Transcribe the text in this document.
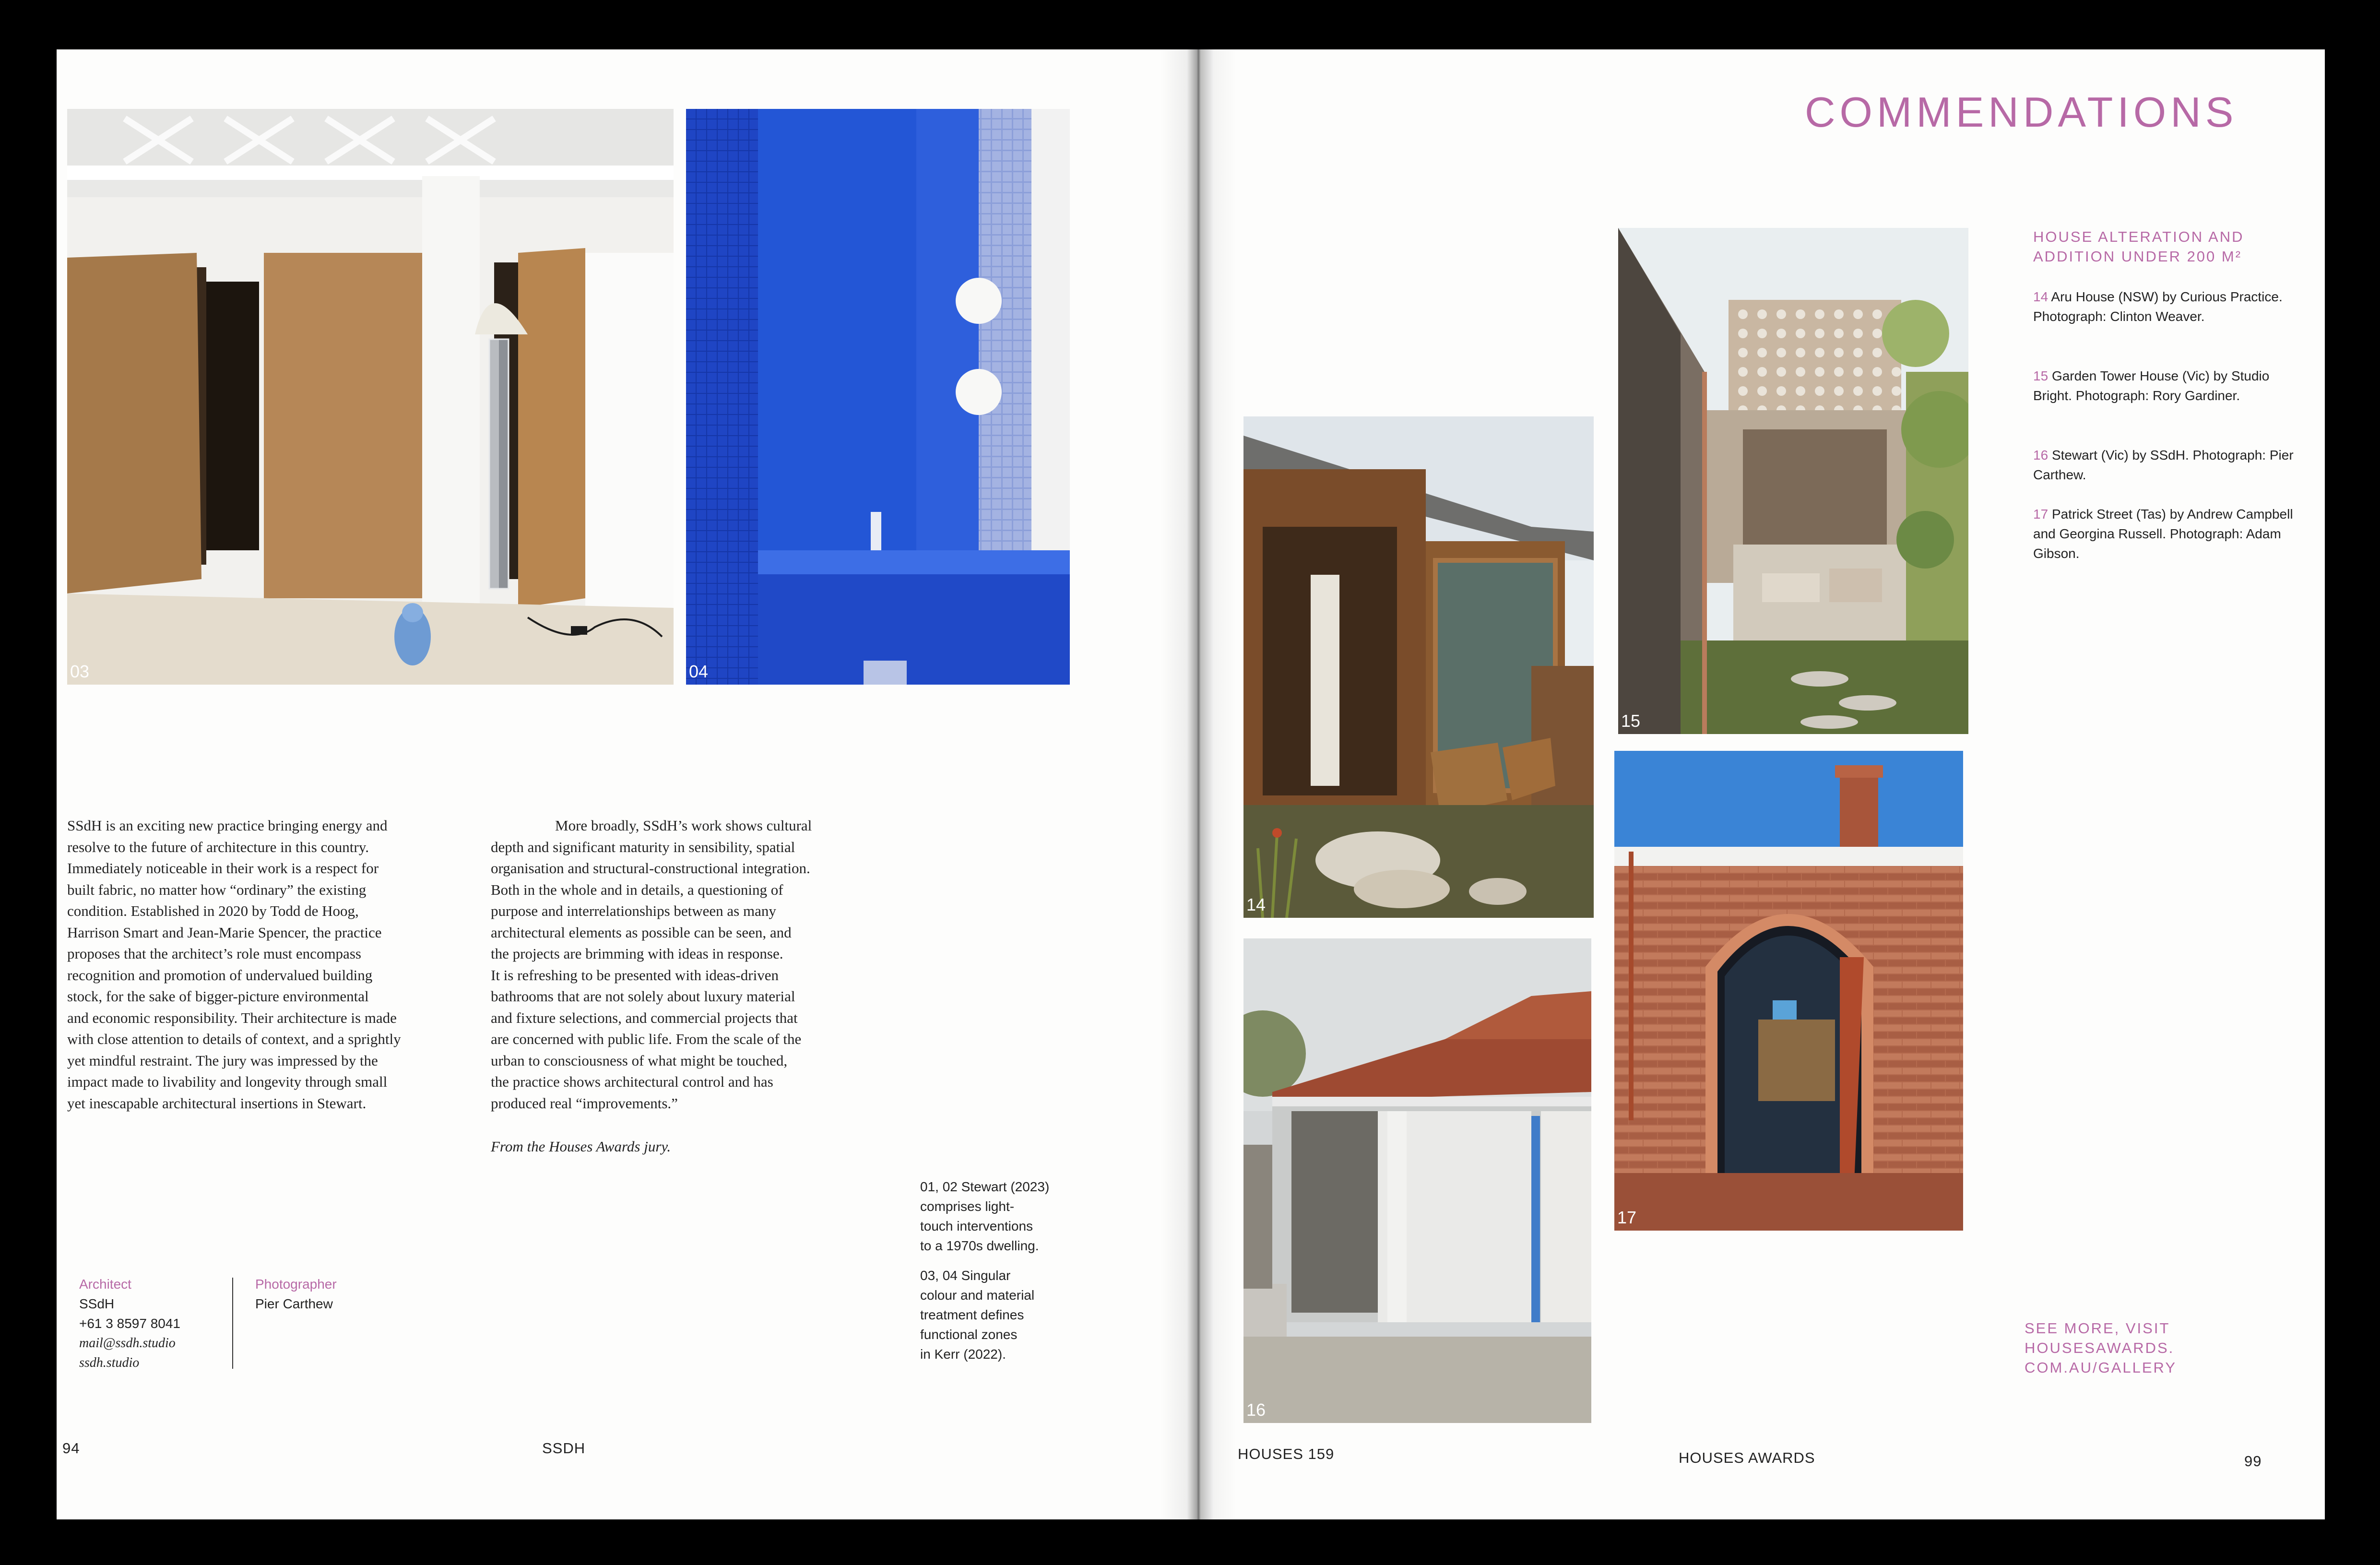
03	04

SSdH is an exciting new practice bringing energy and
resolve to the future of architecture in this country.
Immediately noticeable in their work is a respect for
built fabric, no matter how “ordinary” the existing
condition. Established in 2020 by Todd de Hoog,
Harrison Smart and Jean-Marie Spencer, the practice
proposes that the architect’s role must encompass
recognition and promotion of undervalued building
stock, for the sake of bigger-picture environmental
and economic responsibility. Their architecture is made
with close attention to details of context, and a sprightly
yet mindful restraint. The jury was impressed by the
impact made to livability and longevity through small
yet inescapable architectural insertions in Stewart.

More broadly, SSdH’s work shows cultural
depth and significant maturity in sensibility, spatial
organisation and structural-constructional integration.
Both in the whole and in details, a questioning of
purpose and interrelationships between as many
architectural elements as possible can be seen, and
the projects are brimming with ideas in response.
It is refreshing to be presented with ideas-driven
bathrooms that are not solely about luxury material
and fixture selections, and commercial projects that
are concerned with public life. From the scale of the
urban to consciousness of what might be touched,
the practice shows architectural control and has
produced real “improvements.”

From the Houses Awards jury.
01, 02 Stewart (2023)
comprises light-
touch interventions
to a 1970s dwelling.
03, 04 Singular
colour and material
treatment defines
functional zones
in Kerr (2022).
Architect
SSdH
+61 3 8597 8041
mail@ssdh.studio
ssdh.studio
Photographer
Pier Carthew
94	SSDH
COMMENDATIONS
HOUSE ALTERATION AND
ADDITION UNDER 200 M²
14 Aru House (NSW) by Curious Practice. Photograph: Clinton Weaver.
15 Garden Tower House (Vic) by Studio Bright. Photograph: Rory Gardiner.
16 Stewart (Vic) by SSdH. Photograph: Pier Carthew.
17 Patrick Street (Tas) by Andrew Campbell and Georgina Russell. Photograph: Adam Gibson.
14
15
16
17
SEE MORE, VISIT
HOUSESAWARDS.
COM.AU/GALLERY
HOUSES 159	HOUSES AWARDS	99
